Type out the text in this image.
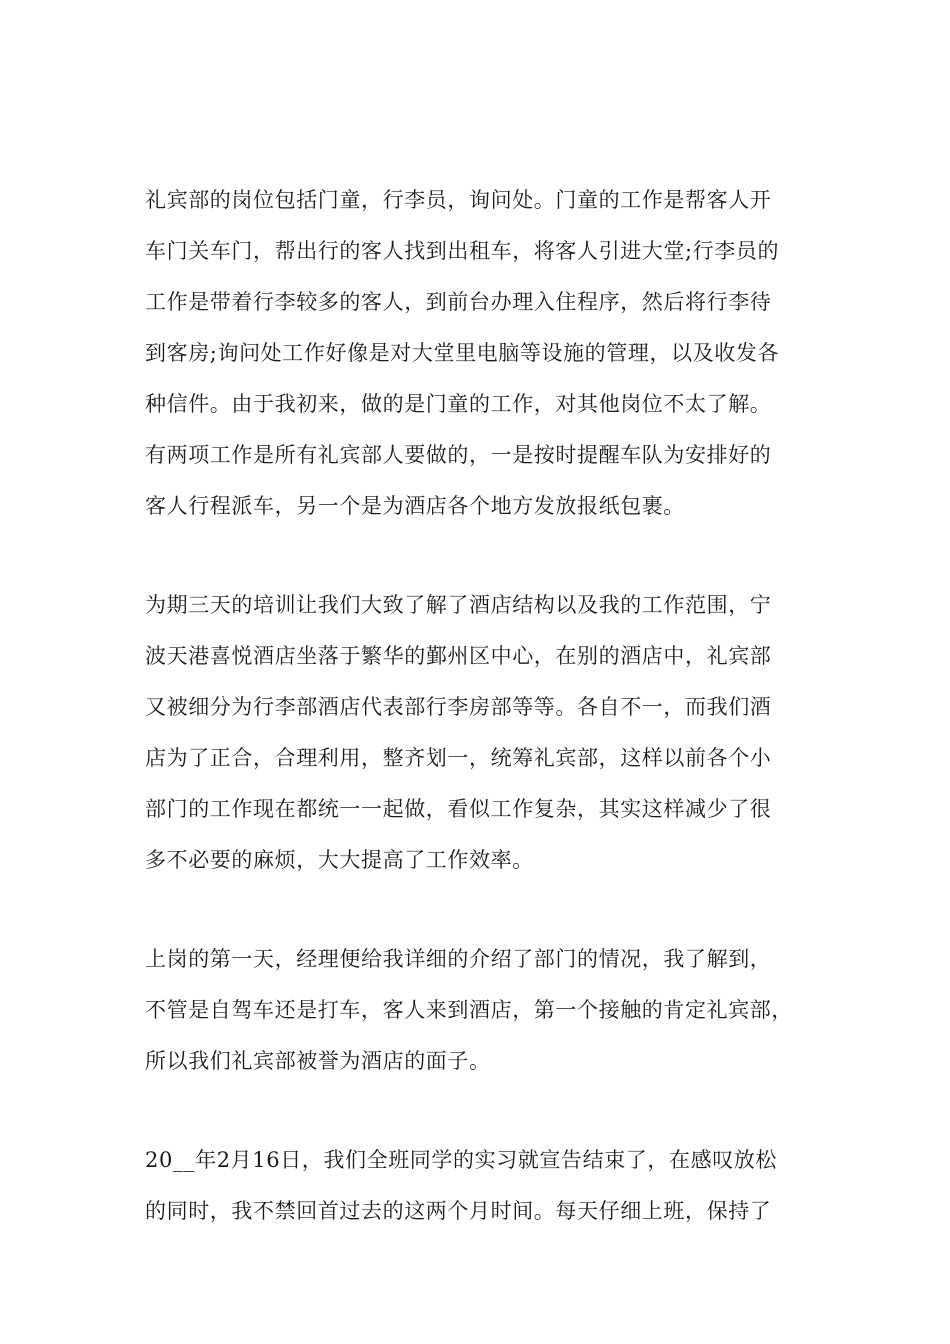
礼宾部的岗位包括门童，行李员，询问处。门童的工作是帮客人开
车门关车门，帮出行的客人找到出租车，将客人引进大堂;行李员的
工作是带着行李较多的客人，到前台办理入住程序，然后将行李待
到客房;询问处工作好像是对大堂里电脑等设施的管理，以及收发各
种信件。由于我初来，做的是门童的工作，对其他岗位不太了解。
有两项工作是所有礼宾部人要做的，一是按时提醒车队为安排好的
客人行程派车，另一个是为酒店各个地方发放报纸包裹。
为期三天的培训让我们大致了解了酒店结构以及我的工作范围，宁
波天港喜悦酒店坐落于繁华的鄞州区中心，在别的酒店中，礼宾部
又被细分为行李部酒店代表部行李房部等等。各自不一，而我们酒
店为了正合，合理利用，整齐划一，统筹礼宾部，这样以前各个小
部门的工作现在都统一一起做，看似工作复杂，其实这样减少了很
多不必要的麻烦，大大提高了工作效率。
上岗的第一天，经理便给我详细的介绍了部门的情况，我了解到，
不管是自驾车还是打车，客人来到酒店，第一个接触的肯定礼宾部，
所以我们礼宾部被誉为酒店的面子。
20__年2月16日，我们全班同学的实习就宣告结束了，在感叹放松
的同时，我不禁回首过去的这两个月时间。每天仔细上班，保持了
